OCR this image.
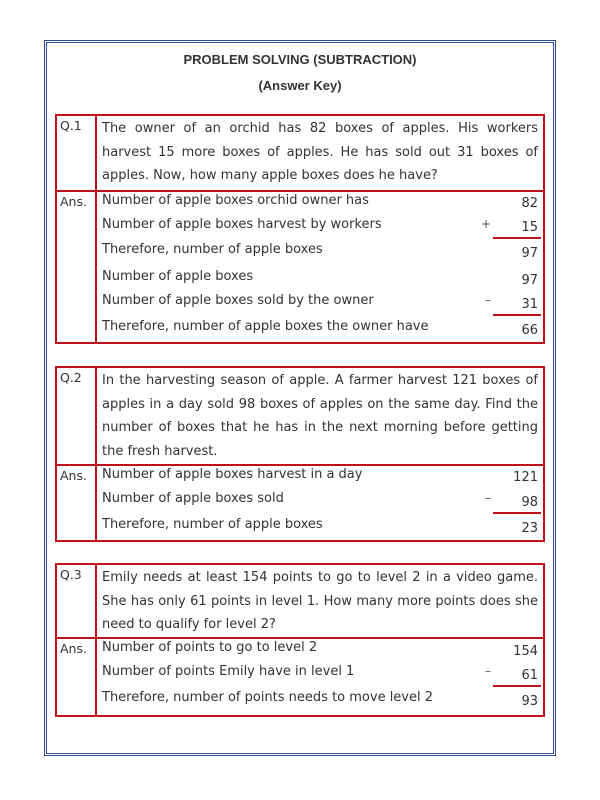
PROBLEM SOLVING (SUBTRACTION)
(Answer Key)
Q.1	The owner of an orchid has 82 boxes of apples. His workers harvest 15 more boxes of apples. He has sold out 31 boxes of apples. Now, how many apple boxes does he have?
Ans.	Number of apple boxes orchid owner has	82
Number of apple boxes harvest by workers	+	15
Therefore, number of apple boxes	97
Number of apple boxes	97
Number of apple boxes sold by the owner	–	31
Therefore, number of apple boxes the owner have	66
Q.2	In the harvesting season of apple. A farmer harvest 121 boxes of apples in a day sold 98 boxes of apples on the same day. Find the number of boxes that he has in the next morning before getting the fresh harvest.
Ans.	Number of apple boxes harvest in a day	121
Number of apple boxes sold	–	98
Therefore, number of apple boxes	23
Q.3	Emily needs at least 154 points to go to level 2 in a video game. She has only 61 points in level 1. How many more points does she need to qualify for level 2?
Ans.	Number of points to go to level 2	154
Number of points Emily have in level 1	–	61
Therefore, number of points needs to move level 2	93
